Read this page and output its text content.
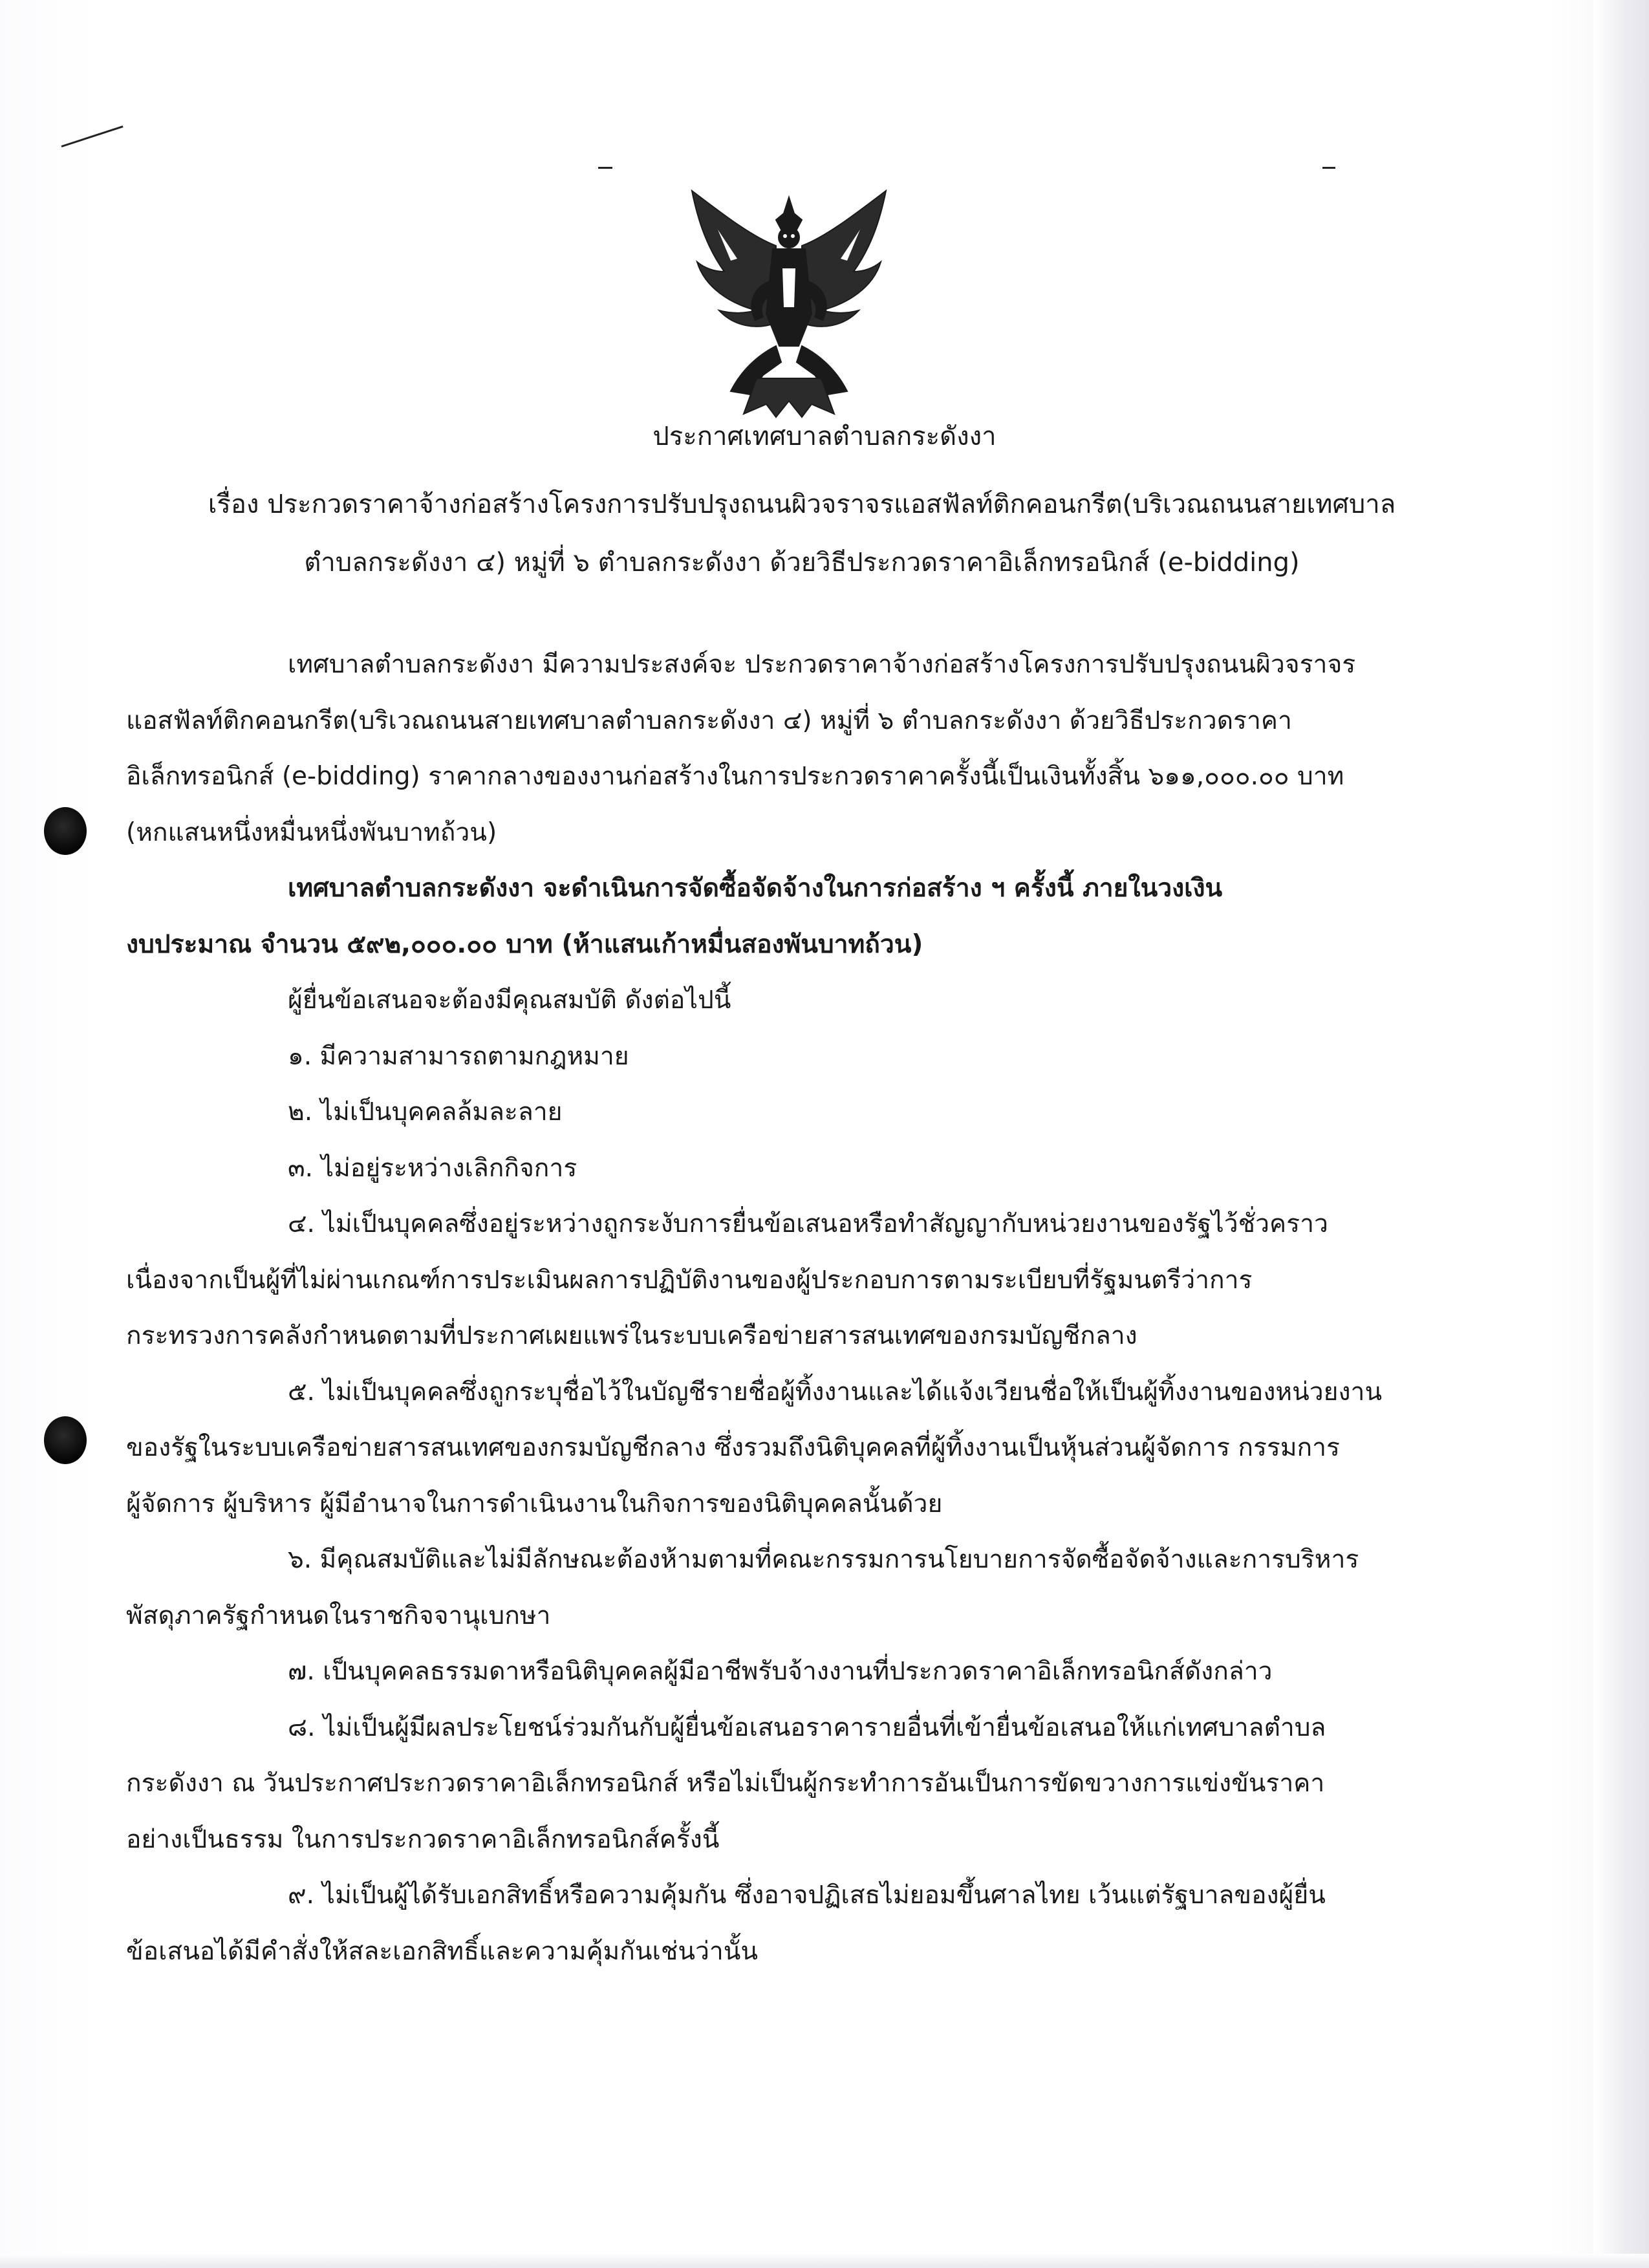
ประกาศเทศบาลตำบลกระดังงา
เรื่อง ประกวดราคาจ้างก่อสร้างโครงการปรับปรุงถนนผิวจราจรแอสฟัลท์ติกคอนกรีต(บริเวณถนนสายเทศบาล
ตำบลกระดังงา ๔) หมู่ที่ ๖ ตำบลกระดังงา ด้วยวิธีประกวดราคาอิเล็กทรอนิกส์ (e-bidding)

เทศบาลตำบลกระดังงา มีความประสงค์จะ ประกวดราคาจ้างก่อสร้างโครงการปรับปรุงถนนผิวจราจร

แอสฟัลท์ติกคอนกรีต(บริเวณถนนสายเทศบาลตำบลกระดังงา ๔) หมู่ที่ ๖ ตำบลกระดังงา ด้วยวิธีประกวดราคา

อิเล็กทรอนิกส์ (e-bidding) ราคากลางของงานก่อสร้างในการประกวดราคาครั้งนี้เป็นเงินทั้งสิ้น ๖๑๑,๐๐๐.๐๐ บาท

(หกแสนหนึ่งหมื่นหนึ่งพันบาทถ้วน)

เทศบาลตำบลกระดังงา จะดำเนินการจัดซื้อจัดจ้างในการก่อสร้าง ฯ ครั้งนี้ ภายในวงเงิน

งบประมาณ จำนวน ๕๙๒,๐๐๐.๐๐ บาท (ห้าแสนเก้าหมื่นสองพันบาทถ้วน)

ผู้ยื่นข้อเสนอจะต้องมีคุณสมบัติ ดังต่อไปนี้

๑. มีความสามารถตามกฎหมาย

๒. ไม่เป็นบุคคลล้มละลาย

๓. ไม่อยู่ระหว่างเลิกกิจการ

๔. ไม่เป็นบุคคลซึ่งอยู่ระหว่างถูกระงับการยื่นข้อเสนอหรือทำสัญญากับหน่วยงานของรัฐไว้ชั่วคราว

เนื่องจากเป็นผู้ที่ไม่ผ่านเกณฑ์การประเมินผลการปฏิบัติงานของผู้ประกอบการตามระเบียบที่รัฐมนตรีว่าการ

กระทรวงการคลังกำหนดตามที่ประกาศเผยแพร่ในระบบเครือข่ายสารสนเทศของกรมบัญชีกลาง

๕. ไม่เป็นบุคคลซึ่งถูกระบุชื่อไว้ในบัญชีรายชื่อผู้ทิ้งงานและได้แจ้งเวียนชื่อให้เป็นผู้ทิ้งงานของหน่วยงาน

ของรัฐในระบบเครือข่ายสารสนเทศของกรมบัญชีกลาง ซึ่งรวมถึงนิติบุคคลที่ผู้ทิ้งงานเป็นหุ้นส่วนผู้จัดการ กรรมการ

ผู้จัดการ ผู้บริหาร ผู้มีอำนาจในการดำเนินงานในกิจการของนิติบุคคลนั้นด้วย

๖. มีคุณสมบัติและไม่มีลักษณะต้องห้ามตามที่คณะกรรมการนโยบายการจัดซื้อจัดจ้างและการบริหาร

พัสดุภาครัฐกำหนดในราชกิจจานุเบกษา

๗. เป็นบุคคลธรรมดาหรือนิติบุคคลผู้มีอาชีพรับจ้างงานที่ประกวดราคาอิเล็กทรอนิกส์ดังกล่าว

๘. ไม่เป็นผู้มีผลประโยชน์ร่วมกันกับผู้ยื่นข้อเสนอราคารายอื่นที่เข้ายื่นข้อเสนอให้แก่เทศบาลตำบล

กระดังงา ณ วันประกาศประกวดราคาอิเล็กทรอนิกส์ หรือไม่เป็นผู้กระทำการอันเป็นการขัดขวางการแข่งขันราคา

อย่างเป็นธรรม ในการประกวดราคาอิเล็กทรอนิกส์ครั้งนี้

๙. ไม่เป็นผู้ได้รับเอกสิทธิ์หรือความคุ้มกัน ซึ่งอาจปฏิเสธไม่ยอมขึ้นศาลไทย เว้นแต่รัฐบาลของผู้ยื่น

ข้อเสนอได้มีคำสั่งให้สละเอกสิทธิ์และความคุ้มกันเช่นว่านั้น
